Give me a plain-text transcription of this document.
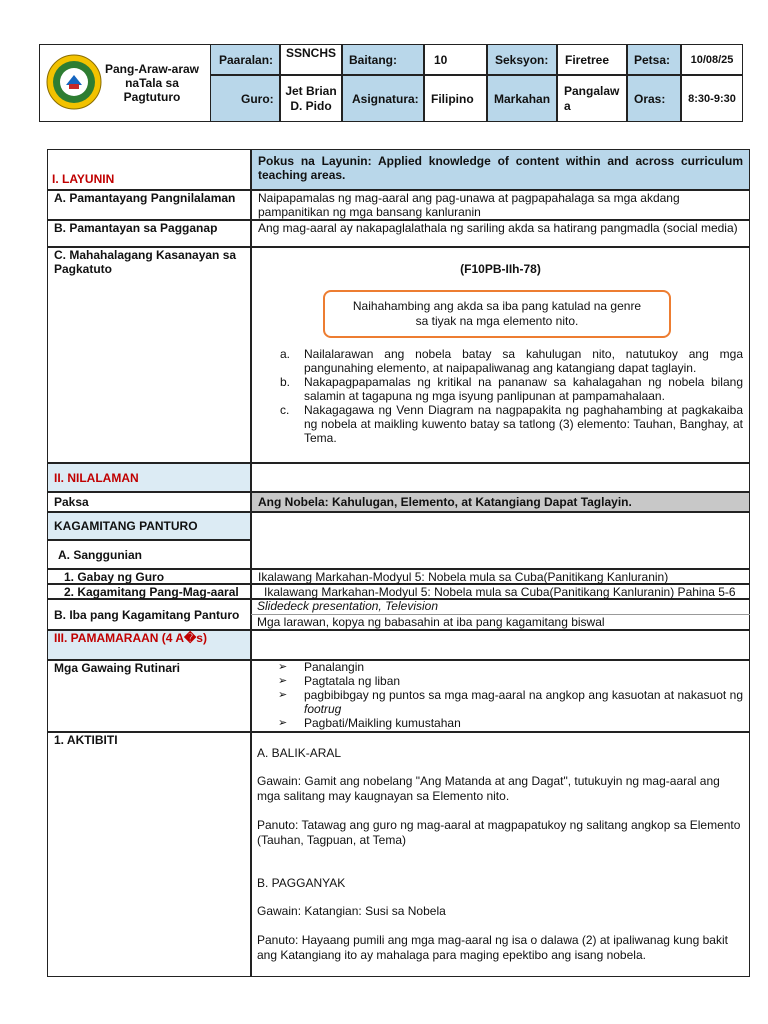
Pang-Araw-araw naTala sa Pagtuturo
Paaralan:	SSNCHS	Baitang:	10	Seksyon:	Firetree	Petsa:	10/08/25
Guro:
Jet Brian D. Pido	Asignatura:	Filipino	Markahan
Pangalaw a	Oras:	8:30-9:30
I. LAYUNIN
Pokus na Layunin: Applied knowledge of content within and across curriculum teaching areas.
A. Pamantayang Pangnilalaman	Naipapamalas ng mag-aaral ang pag-unawa at pagpapahalaga sa mga akdang pampanitikan ng mga bansang kanluranin
B. Pamantayan sa Pagganap	Ang mag-aaral ay nakapaglalathala ng sariling akda sa hatirang pangmadla (social media)
C. Mahahalagang Kasanayan sa Pagkatuto	(F10PB-IIh-78)
Naihahambing ang akda sa iba pang katulad na genre sa tiyak na mga elemento nito.
a. Nailalarawan ang nobela batay sa kahulugan nito, natutukoy ang mga pangunahing elemento, at naipapaliwanag ang katangiang dapat taglayin.
b. Nakapagpapamalas ng kritikal na pananaw sa kahalagahan ng nobela bilang salamin at tagapuna ng mga isyung panlipunan at pampamahalaan.
c. Nakagagawa ng Venn Diagram na nagpapakita ng paghahambing at pagkakaiba ng nobela at maikling kuwento batay sa tatlong (3) elemento: Tauhan, Banghay, at Tema.
II. NILALAMAN
Paksa	Ang Nobela: Kahulugan, Elemento, at Katangiang Dapat Taglayin.
KAGAMITANG PANTURO
A. Sanggunian
1. Gabay ng Guro	Ikalawang Markahan-Modyul 5: Nobela mula sa Cuba(Panitikang Kanluranin)
2. Kagamitang Pang-Mag-aaral	Ikalawang Markahan-Modyul 5: Nobela mula sa Cuba(Panitikang Kanluranin) Pahina 5-6
B. Iba pang Kagamitang Panturo
Slidedeck presentation, Television
Mga larawan, kopya ng babasahin at iba pang kagamitang biswal
III. PAMAMARAAN (4 A�s)
Mga Gawaing Rutinari
➢	Panalangin
➢ Pagtatala ng liban
➢ pagbibibgay ng puntos sa mga mag-aaral na angkop ang kasuotan at nakasuot ng footrug
➢ Pagbati/Maikling kumustahan
1. AKTIBITI
A. BALIK-ARAL
Gawain: Gamit ang nobelang "Ang Matanda at ang Dagat", tutukuyin ng mag-aaral ang mga salitang may kaugnayan sa Elemento nito.
Panuto: Tatawag ang guro ng mag-aaral at magpapatukoy ng salitang angkop sa Elemento (Tauhan, Tagpuan, at Tema)
B. PAGGANYAK
Gawain: Katangian: Susi sa Nobela
Panuto: Hayaang pumili ang mga mag-aaral ng isa o dalawa (2) at ipaliwanag kung bakit ang Katangiang ito ay mahalaga para maging epektibo ang isang nobela.
